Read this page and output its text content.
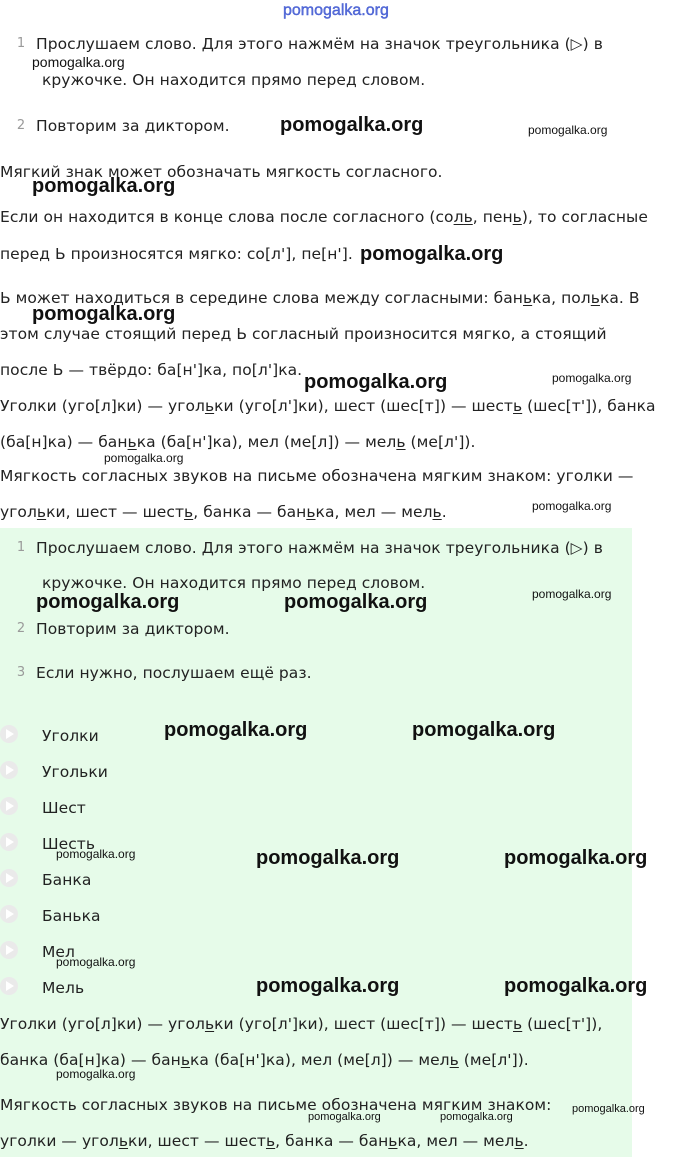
pomogalka.org
1 Прослушаем слово. Для этого нажмём на значок треугольника (▷) в
кружочке. Он находится прямо перед словом.
2 Повторим за диктором.
Мягкий знак может обозначать мягкость согласного.
Если он находится в конце слова после согласного (соль, пень), то согласные
перед Ь произносятся мягко: со[л'], пе[н'].
Ь может находиться в середине слова между согласными: банька, полька. В
этом случае стоящий перед Ь согласный произносится мягко, а стоящий
после Ь — твёрдо: ба[н']ка, по[л']ка.
Уголки (уго[л]ки) — угольки (уго[л']ки), шест (шес[т]) — шесть (шес[т']), банка
(ба[н]ка) — банька (ба[н']ка), мел (ме[л]) — мель (ме[л']).
Мягкость согласных звуков на письме обозначена мягким знаком: уголки —
угольки, шест — шесть, банка — банька, мел — мель.
1 Прослушаем слово. Для этого нажмём на значок треугольника (▷) в
кружочке. Он находится прямо перед словом.
2 Повторим за диктором.
3 Если нужно, послушаем ещё раз.
Уголки
Угольки
Шест
Шесть
Банка
Банька
Мел
Мель
Уголки (уго[л]ки) — угольки (уго[л']ки), шест (шес[т]) — шесть (шес[т']),
банка (ба[н]ка) — банька (ба[н']ка), мел (ме[л]) — мель (ме[л']).
Мягкость согласных звуков на письме обозначена мягким знаком:
уголки — угольки, шест — шесть, банка — банька, мел — мель.
pomogalka.org
pomogalka.org	pomogalka.org
pomogalka.org
pomogalka.org
pomogalka.org
pomogalka.org	pomogalka.org
pomogalka.org
pomogalka.org
pomogalka.org	pomogalka.org	pomogalka.org
pomogalka.org	pomogalka.org
pomogalka.org	pomogalka.org	pomogalka.org
pomogalka.org
pomogalka.org	pomogalka.org
pomogalka.org
pomogalka.org	pomogalka.org
pomogalka.org
